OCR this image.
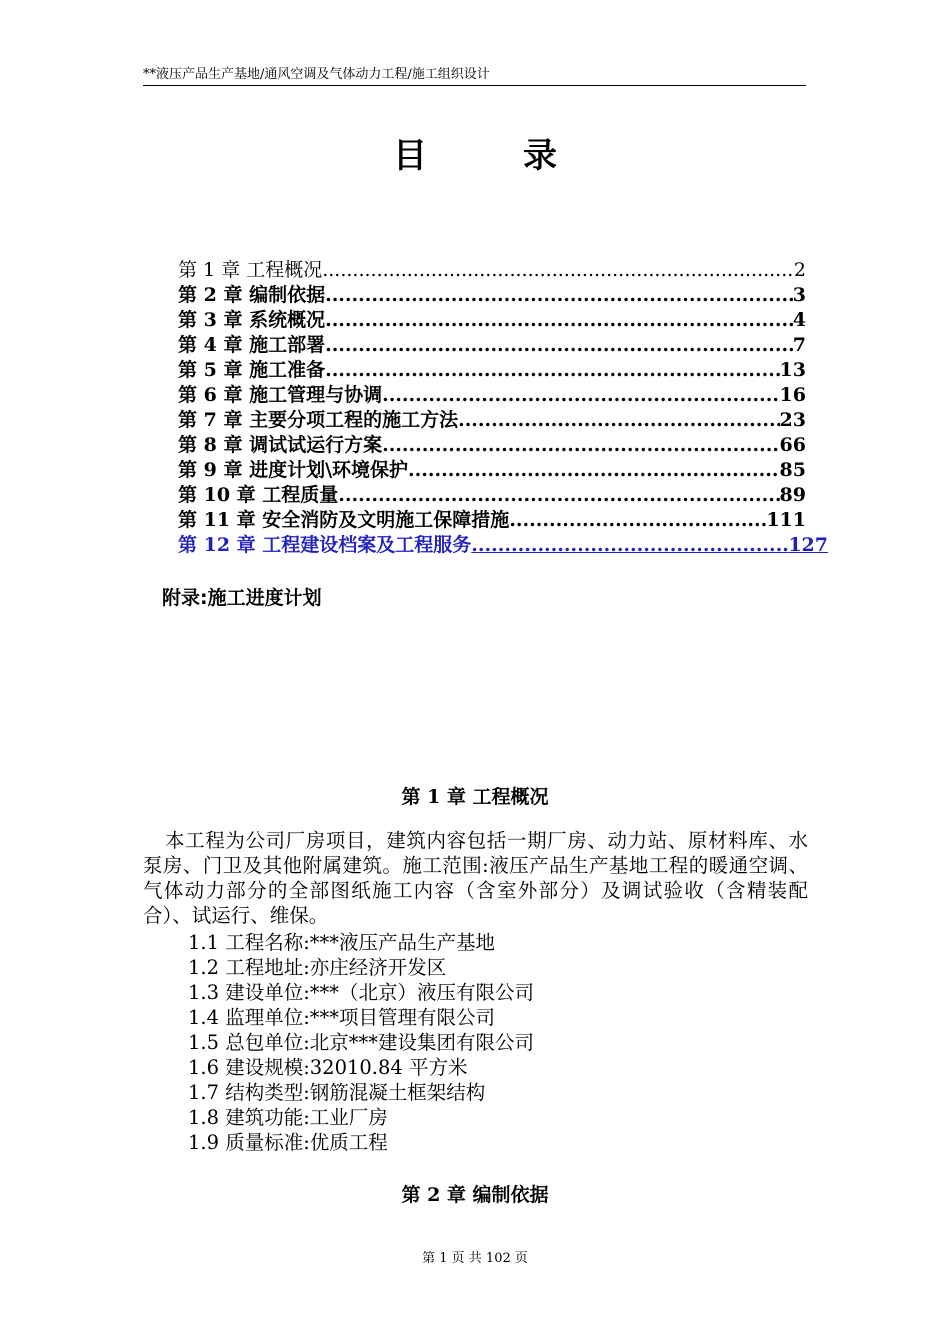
**液压产品生产基地/通风空调及气体动力工程/施工组织设计
目录
第 1 章 工程概况 .....	2
第 2 章 编制依据 .....	3
第 3 章 系统概况 .....	4
第 4 章 施工部署 .....	7
第 5 章 施工准备 .....	13
第 6 章 施工管理与协调 .....	16
第 7 章 主要分项工程的施工方法 .....	23
第 8 章 调试试运行方案 .....	66
第 9 章 进度计划\环境保护 .....	85
第 10 章 工程质量 .....	89
第 11 章 安全消防及文明施工保障措施 .....	111
第 12 章 工程建设档案及工程服务 .....	127
附录:施工进度计划
第 1 章 工程概况

本工程为公司厂房项目，建筑内容包括一期厂房、动力站、原材料库、水泵房、门卫及其他附属建筑。施工范围:液压产品生产基地工程的暖通空调、气体动力部分的全部图纸施工内容（含室外部分）及调试验收（含精装配合）、试运行、维保。

1.1 工程名称:***液压产品生产基地
1.2 工程地址:亦庄经济开发区
1.3 建设单位:***（北京）液压有限公司
1.4 监理单位:***项目管理有限公司
1.5 总包单位:北京***建设集团有限公司
1.6 建设规模:32010.84 平方米
1.7 结构类型:钢筋混凝土框架结构
1.8 建筑功能:工业厂房
1.9 质量标准:优质工程
第 2 章 编制依据
第 1 页 共 102 页
